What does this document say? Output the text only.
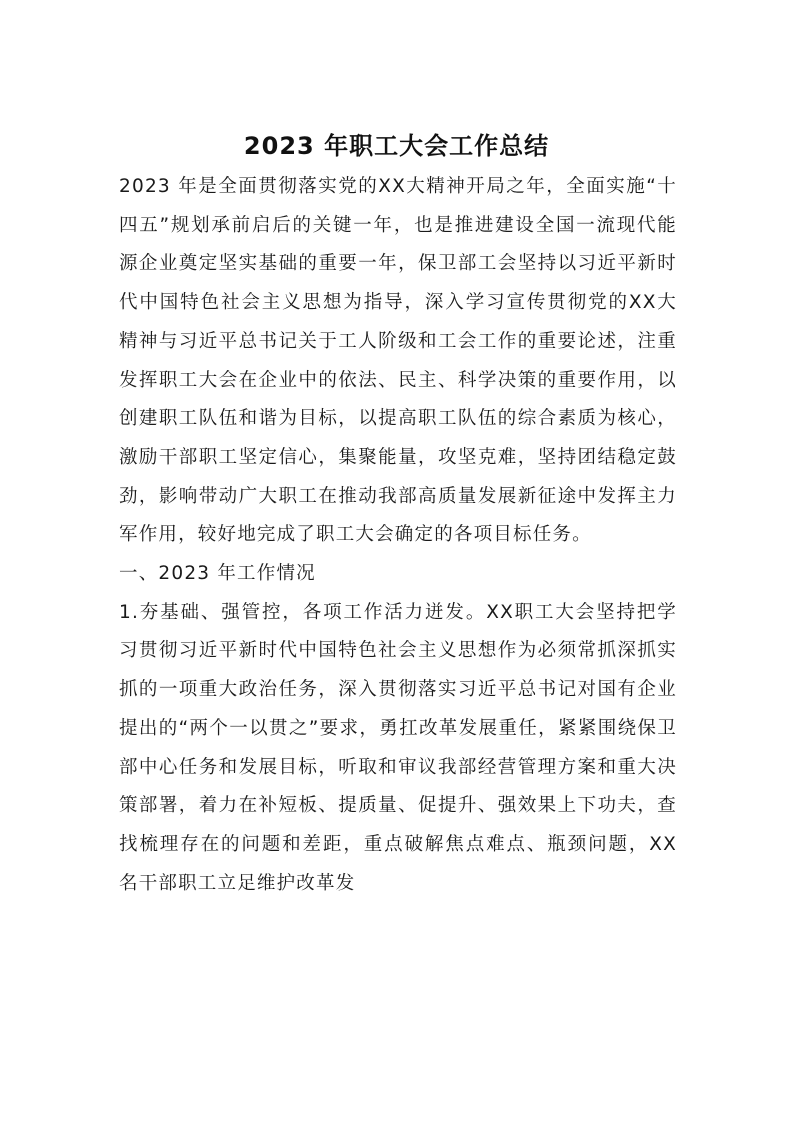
2023 年职工大会工作总结

2023 年是全面贯彻落实党的XX大精神开局之年，全面实施“十四五”规划承前启后的关键一年，也是推进建设全国一流现代能源企业奠定坚实基础的重要一年，保卫部工会坚持以习近平新时代中国特色社会主义思想为指导，深入学习宣传贯彻党的XX大精神与习近平总书记关于工人阶级和工会工作的重要论述，注重发挥职工大会在企业中的依法、民主、科学决策的重要作用，以创建职工队伍和谐为目标，以提高职工队伍的综合素质为核心，激励干部职工坚定信心，集聚能量，攻坚克难，坚持团结稳定鼓劲，影响带动广大职工在推动我部高质量发展新征途中发挥主力军作用，较好地完成了职工大会确定的各项目标任务。

一、2023 年工作情况

1.夯基础、强管控，各项工作活力迸发。XX职工大会坚持把学习贯彻习近平新时代中国特色社会主义思想作为必须常抓深抓实抓的一项重大政治任务，深入贯彻落实习近平总书记对国有企业提出的“两个一以贯之”要求，勇扛改革发展重任，紧紧围绕保卫部中心任务和发展目标，听取和审议我部经营管理方案和重大决策部署，着力在补短板、提质量、促提升、强效果上下功夫，查找梳理存在的问题和差距，重点破解焦点难点、瓶颈问题，XX名干部职工立足维护改革发
